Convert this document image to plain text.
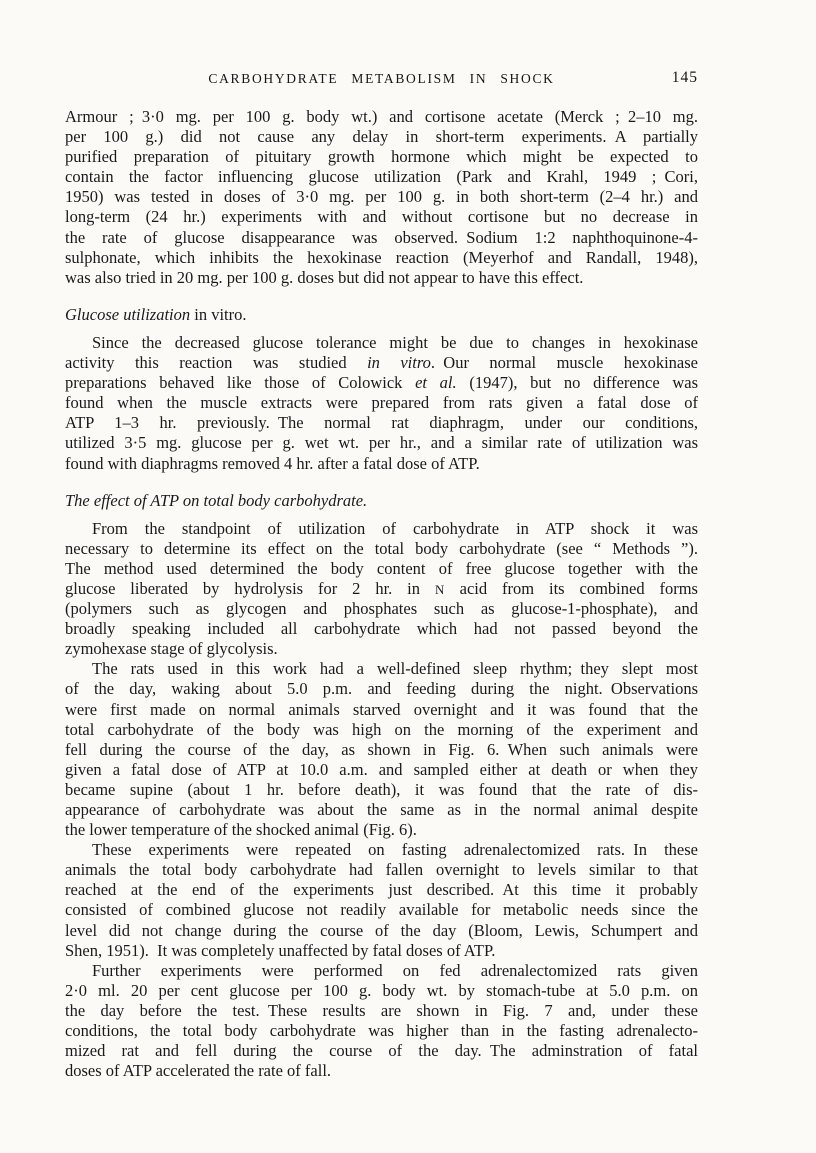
CARBOHYDRATE METABOLISM IN SHOCK	145
Armour ; 3·0 mg. per 100 g. body wt.) and cortisone acetate (Merck ; 2–10 mg.
per 100 g.) did not cause any delay in short-term experiments. A partially
purified preparation of pituitary growth hormone which might be expected to
contain the factor influencing glucose utilization (Park and Krahl, 1949 ; Cori,
1950) was tested in doses of 3·0 mg. per 100 g. in both short-term (2–4 hr.) and
long-term (24 hr.) experiments with and without cortisone but no decrease in
the rate of glucose disappearance was observed. Sodium 1:2 naphthoquinone-4-
sulphonate, which inhibits the hexokinase reaction (Meyerhof and Randall, 1948),
was also tried in 20 mg. per 100 g. doses but did not appear to have this effect.
Glucose utilization in vitro.
Since the decreased glucose tolerance might be due to changes in hexokinase
activity this reaction was studied in vitro. Our normal muscle hexokinase
preparations behaved like those of Colowick et al. (1947), but no difference was
found when the muscle extracts were prepared from rats given a fatal dose of
ATP 1–3 hr. previously. The normal rat diaphragm, under our conditions,
utilized 3·5 mg. glucose per g. wet wt. per hr., and a similar rate of utilization was
found with diaphragms removed 4 hr. after a fatal dose of ATP.
The effect of ATP on total body carbohydrate.
From the standpoint of utilization of carbohydrate in ATP shock it was
necessary to determine its effect on the total body carbohydrate (see “ Methods ”).
The method used determined the body content of free glucose together with the
glucose liberated by hydrolysis for 2 hr. in N acid from its combined forms
(polymers such as glycogen and phosphates such as glucose-1-phosphate), and
broadly speaking included all carbohydrate which had not passed beyond the
zymohexase stage of glycolysis.
The rats used in this work had a well-defined sleep rhythm; they slept most
of the day, waking about 5.0 p.m. and feeding during the night. Observations
were first made on normal animals starved overnight and it was found that the
total carbohydrate of the body was high on the morning of the experiment and
fell during the course of the day, as shown in Fig. 6. When such animals were
given a fatal dose of ATP at 10.0 a.m. and sampled either at death or when they
became supine (about 1 hr. before death), it was found that the rate of dis-
appearance of carbohydrate was about the same as in the normal animal despite
the lower temperature of the shocked animal (Fig. 6).
These experiments were repeated on fasting adrenalectomized rats. In these
animals the total body carbohydrate had fallen overnight to levels similar to that
reached at the end of the experiments just described. At this time it probably
consisted of combined glucose not readily available for metabolic needs since the
level did not change during the course of the day (Bloom, Lewis, Schumpert and
Shen, 1951). It was completely unaffected by fatal doses of ATP.
Further experiments were performed on fed adrenalectomized rats given
2·0 ml. 20 per cent glucose per 100 g. body wt. by stomach-tube at 5.0 p.m. on
the day before the test. These results are shown in Fig. 7 and, under these
conditions, the total body carbohydrate was higher than in the fasting adrenalecto-
mized rat and fell during the course of the day. The adminstration of fatal
doses of ATP accelerated the rate of fall.
